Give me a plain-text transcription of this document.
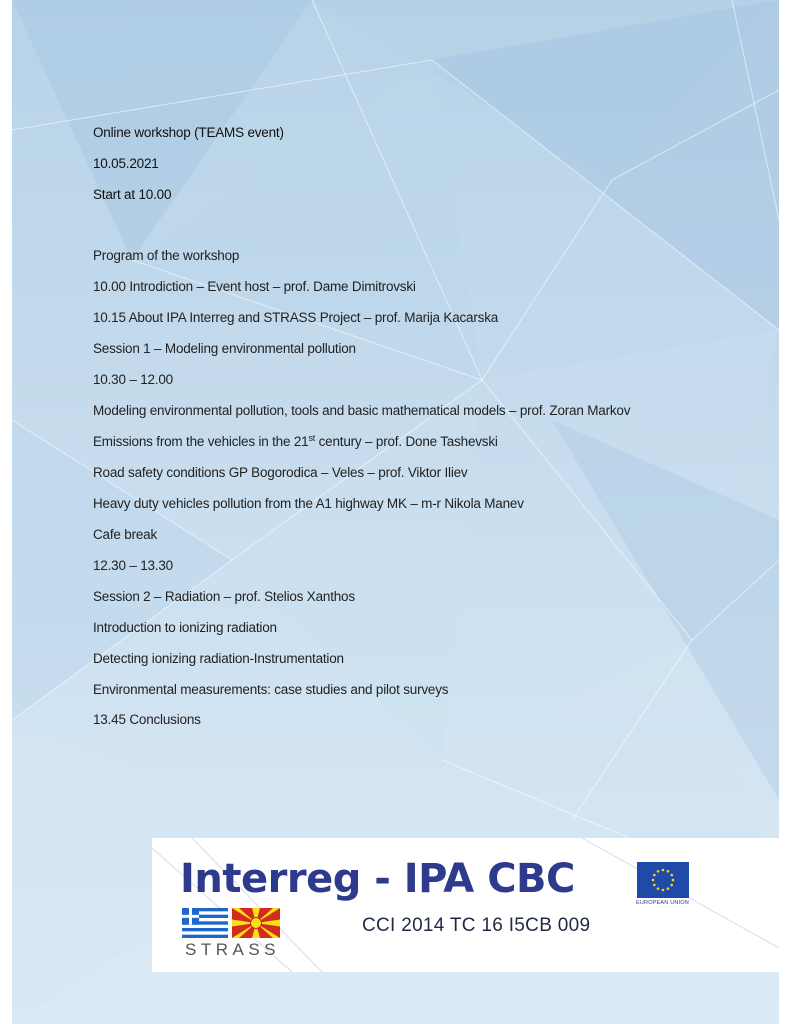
Online workshop (TEAMS event)
10.05.2021
Start at 10.00
Program of the workshop
10.00 Introdiction – Event host – prof. Dame Dimitrovski
10.15 About IPA Interreg and STRASS Project – prof. Marija Kacarska
Session 1 – Modeling environmental pollution
10.30 – 12.00
Modeling environmental pollution, tools and basic mathematical models – prof. Zoran Markov
Emissions from the vehicles in the 21st century – prof. Done Tashevski
Road safety conditions GP Bogorodica – Veles – prof. Viktor Iliev
Heavy duty vehicles pollution from the A1 highway MK – m-r Nikola Manev
Cafe break
12.30 – 13.30
Session 2 – Radiation – prof. Stelios Xanthos
Introduction to ionizing radiation
Detecting ionizing radiation-Instrumentation
Environmental measurements: case studies and pilot surveys
13.45 Conclusions
Interreg - IPA CBC
EUROPEAN UNION
STRASS
CCI 2014 TC 16 I5CB 009
